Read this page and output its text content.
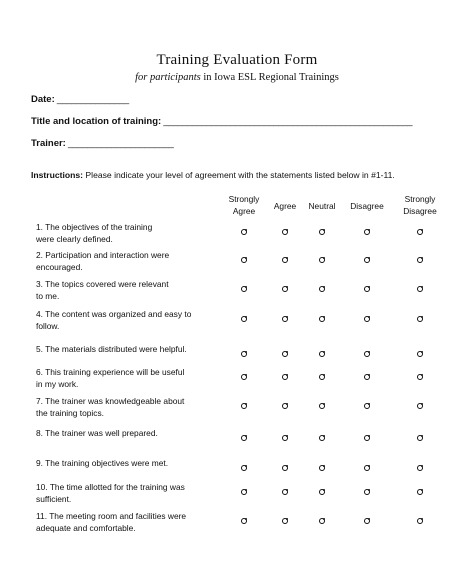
Training Evaluation Form
for participants in Iowa ESL Regional Trainings
Date: _______________
Title and location of training: ____________________________________________________
Trainer: ______________________
Instructions: Please indicate your level of agreement with the statements listed below in #1-11.
Strongly
Agree	Agree Neutral Disagree
Strongly
Disagree
1. The objectives of the training
were clearly defined.
2. Participation and interaction were
encouraged.
3. The topics covered were relevant
to me.
4. The content was organized and easy to
follow.
5. The materials distributed were helpful.
6. This training experience will be useful
in my work.
7. The trainer was knowledgeable about
the training topics.
8. The trainer was well prepared.
9. The training objectives were met.
10. The time allotted for the training was
sufficient.
11. The meeting room and facilities were
adequate and comfortable.
